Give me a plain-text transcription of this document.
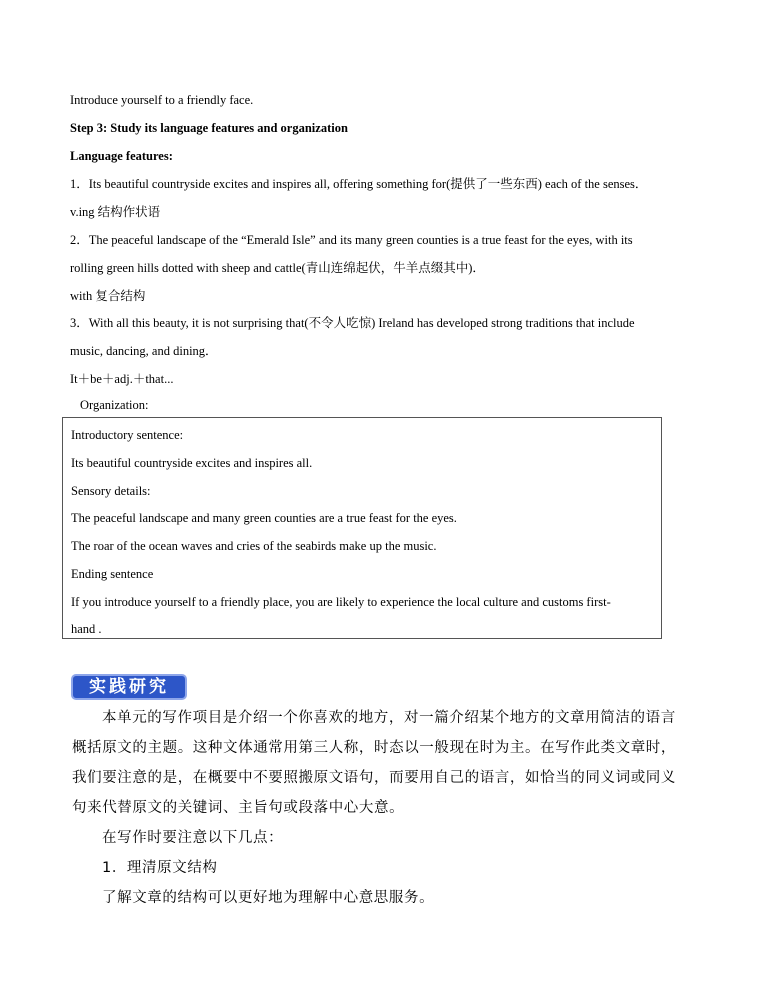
Introduce yourself to a friendly face.
Step 3: Study its language features and organization
Language features:
1．Its beautiful countryside excites and inspires all, offering something for(提供了一些东西) each of the senses．
v.ing 结构作状语
2．The peaceful landscape of the “Emerald Isle” and its many green counties is a true feast for the eyes, with its
rolling green hills dotted with sheep and cattle(青山连绵起伏，牛羊点缀其中)．
with 复合结构
3．With all this beauty, it is not surprising that(不令人吃惊) Ireland has developed strong traditions that include
music, dancing, and dining．
It＋be＋adj.＋that...
Organization:
Introductory sentence:
Its beautiful countryside excites and inspires all.
Sensory details:
The peaceful landscape and many green counties are a true feast for the eyes.
The roar of the ocean waves and cries of the seabirds make up the music.
Ending sentence
If you introduce yourself to a friendly place, you are likely to experience the local culture and customs first-
hand .
实践研究
本单元的写作项目是介绍一个你喜欢的地方，对一篇介绍某个地方的文章用简洁的语言
概括原文的主题。这种文体通常用第三人称，时态以一般现在时为主。在写作此类文章时，
我们要注意的是，在概要中不要照搬原文语句，而要用自己的语言，如恰当的同义词或同义
句来代替原文的关键词、主旨句或段落中心大意。
在写作时要注意以下几点：
1．理清原文结构
了解文章的结构可以更好地为理解中心意思服务。
